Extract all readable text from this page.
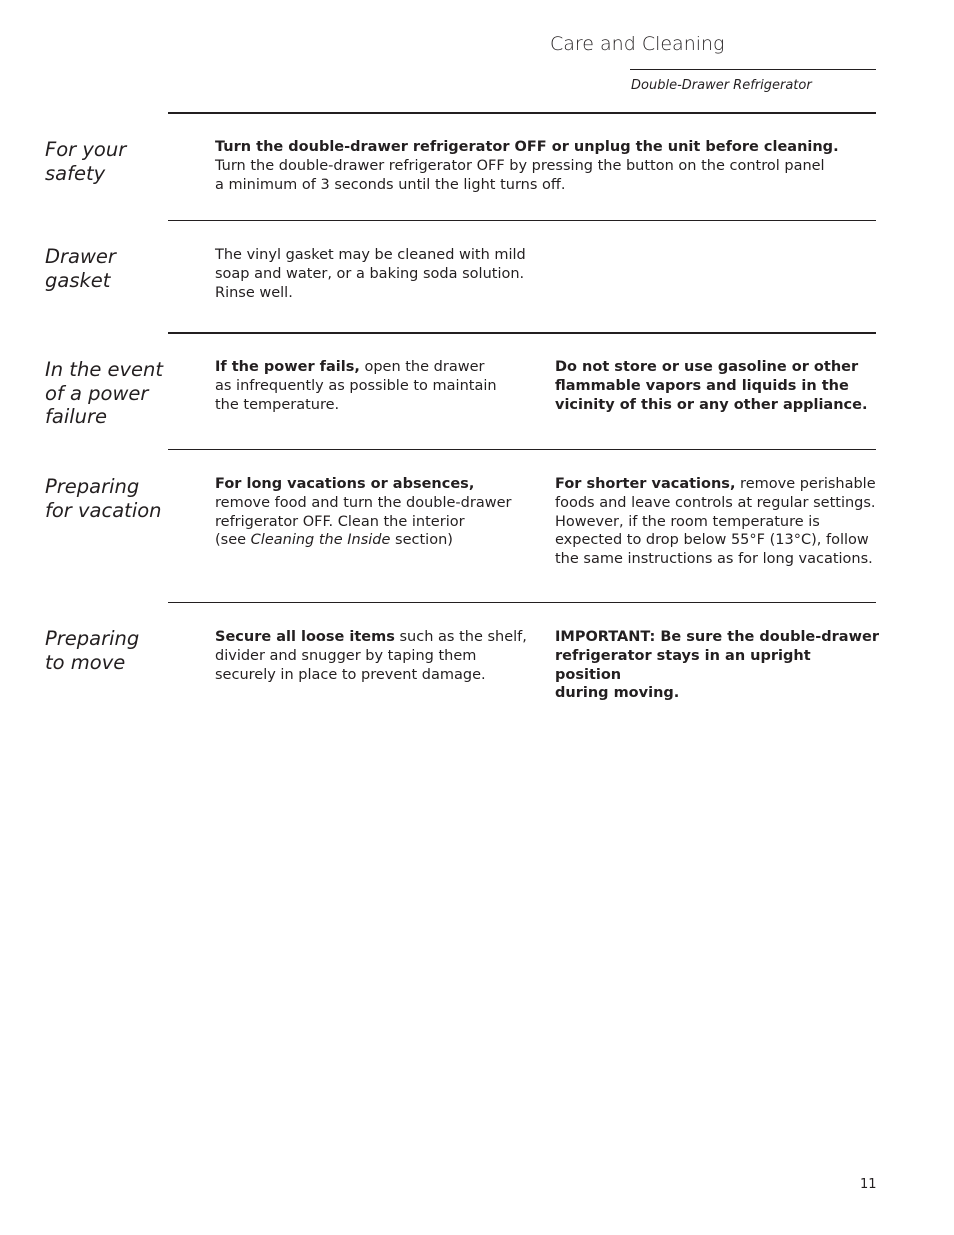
Care and Cleaning
Double-Drawer Refrigerator
For your
safety

Turn the double-drawer refrigerator OFF or unplug the unit before cleaning.

Turn the double-drawer refrigerator OFF by pressing the button on the control panel

a minimum of 3 seconds until the light turns off.

Drawer
gasket

The vinyl gasket may be cleaned with mild

soap and water, or a baking soda solution.

Rinse well.

In the event
of a power
failure

If the power fails, open the drawer

as infrequently as possible to maintain

the temperature.

Do not store or use gasoline or other

flammable vapors and liquids in the

vicinity of this or any other appliance.

Preparing
for vacation

For long vacations or absences,

remove food and turn the double-drawer

refrigerator OFF. Clean the interior

(see Cleaning the Inside section)

For shorter vacations, remove perishable

foods and leave controls at regular settings.

However, if the room temperature is

expected to drop below 55°F (13°C), follow

the same instructions as for long vacations.

Preparing
to move

Secure all loose items such as the shelf,

divider and snugger by taping them

securely in place to prevent damage.

IMPORTANT: Be sure the double-drawer

refrigerator stays in an upright position

during moving.

11
